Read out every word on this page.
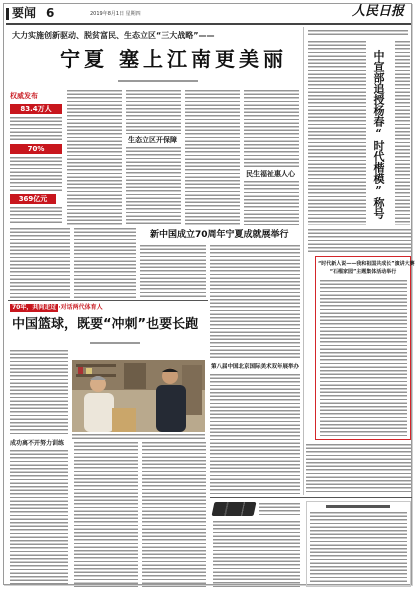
要闻 6	2019年8月1日 星期四	人民日报
大力实施创新驱动、脱贫富民、生态立区“三大战略”——
宁夏 塞上江南更美丽
权威发布
83.4万人
70%
369亿元
生态立区开保障
民生福祉惠人心
新中国成立70周年宁夏成就展举行
中宣部追授杨春“时代楷模”称号
“时代新人说——我和祖国共成长”演讲大赛
“石榴家园”主题集体活动举行
70年，共同走过 ·对话两代体育人
中国篮球，既要“冲刺”也要长跑
成功离不开努力训练
第八届中国北京国际美术双年展举办
